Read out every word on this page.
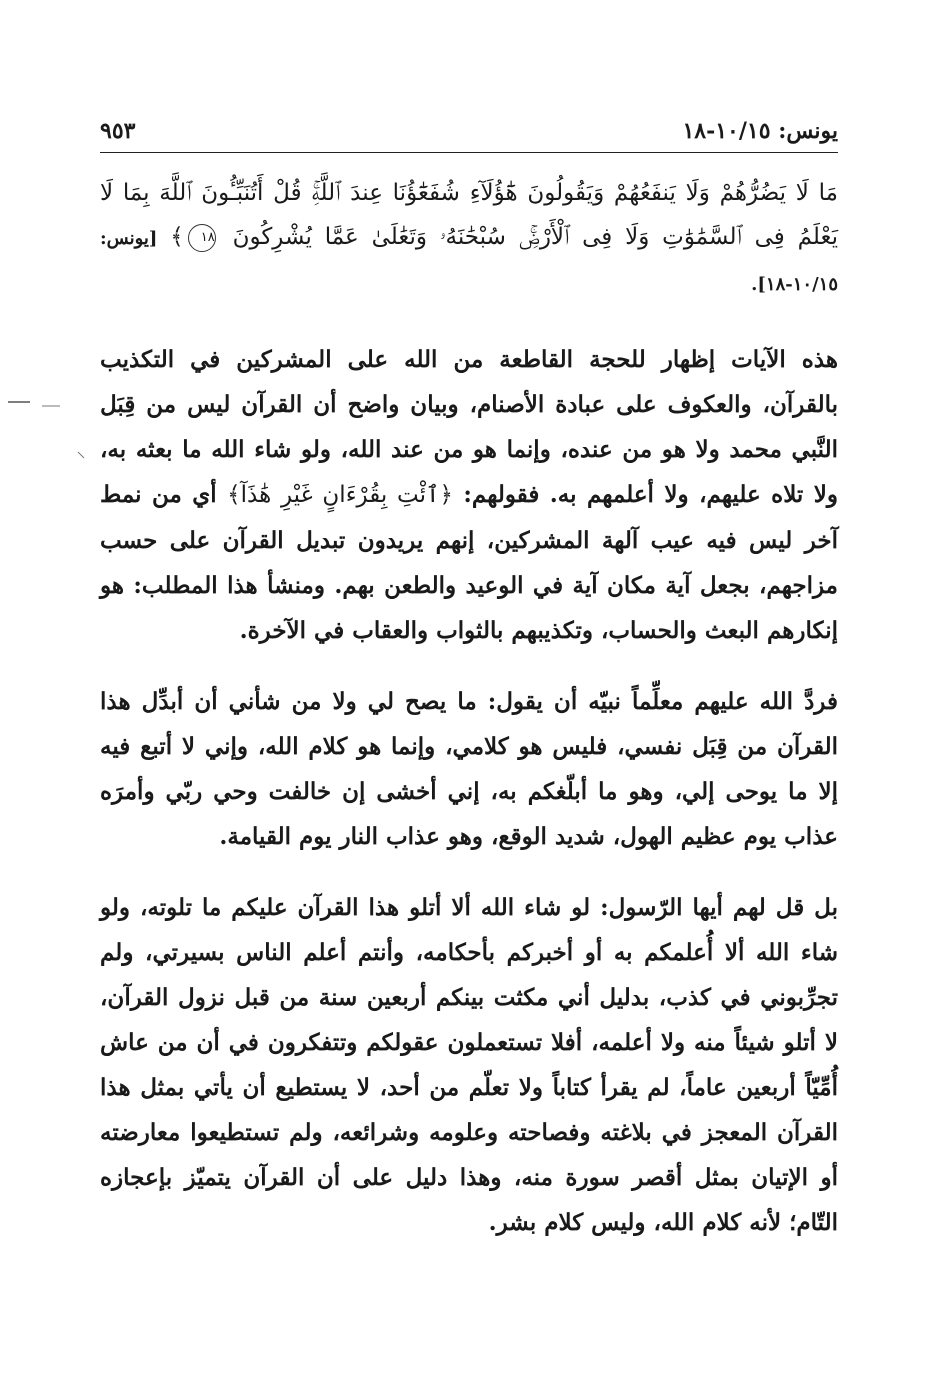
يونس: ١٠/١٥-١٨
٩٥٣
مَا لَا يَضُرُّهُمْ وَلَا يَنفَعُهُمْ وَيَقُولُونَ هَٰٓؤُلَآءِ شُفَعَٰٓؤُنَا عِندَ ٱللَّهِۚ قُلْ أَتُنَبِّـُٔونَ ٱللَّهَ بِمَا لَا يَعْلَمُ فِى ٱلسَّمَٰوَٰتِ وَلَا فِى ٱلْأَرْضِۚ سُبْحَٰنَهُۥ وَتَعَٰلَىٰ عَمَّا يُشْرِكُونَ ١٨﴾ [يونس: ١٠/١٥-١٨].

هذه الآيات إظهار للحجة القاطعة من الله على المشركين في التكذيب بالقرآن، والعكوف على عبادة الأصنام، وبيان واضح أن القرآن ليس من قِبَل النَّبي محمد ولا هو من عنده، وإنما هو من عند الله، ولو شاء الله ما بعثه به، ولا تلاه عليهم، ولا أعلمهم به. فقولهم: ﴿ٱئْتِ بِقُرْءَانٍ غَيْرِ هَٰذَآ﴾ أي من نمط آخر ليس فيه عيب آلهة المشركين، إنهم يريدون تبديل القرآن على حسب مزاجهم، بجعل آية مكان آية في الوعيد والطعن بهم. ومنشأ هذا المطلب: هو إنكارهم البعث والحساب، وتكذيبهم بالثواب والعقاب في الآخرة.

فردَّ الله عليهم معلِّماً نبيّه أن يقول: ما يصح لي ولا من شأني أن أبدِّل هذا القرآن من قِبَل نفسي، فليس هو كلامي، وإنما هو كلام الله، وإني لا أتبع فيه إلا ما يوحى إلي، وهو ما أبلّغكم به، إني أخشى إن خالفت وحي ربّي وأمرَه عذاب يوم عظيم الهول، شديد الوقع، وهو عذاب النار يوم القيامة.

بل قل لهم أيها الرّسول: لو شاء الله ألا أتلو هذا القرآن عليكم ما تلوته، ولو شاء الله ألا أُعلمكم به أو أخبركم بأحكامه، وأنتم أعلم الناس بسيرتي، ولم تجرِّبوني في كذب، بدليل أني مكثت بينكم أربعين سنة من قبل نزول القرآن، لا أتلو شيئاً منه ولا أعلمه، أفلا تستعملون عقولكم وتتفكرون في أن من عاش أُمِّيّاً أربعين عاماً، لم يقرأ كتاباً ولا تعلّم من أحد، لا يستطيع أن يأتي بمثل هذا القرآن المعجز في بلاغته وفصاحته وعلومه وشرائعه، ولم تستطيعوا معارضته أو الإتيان بمثل أقصر سورة منه، وهذا دليل على أن القرآن يتميّز بإعجازه التّام؛ لأنه كلام الله، وليس كلام بشر.
